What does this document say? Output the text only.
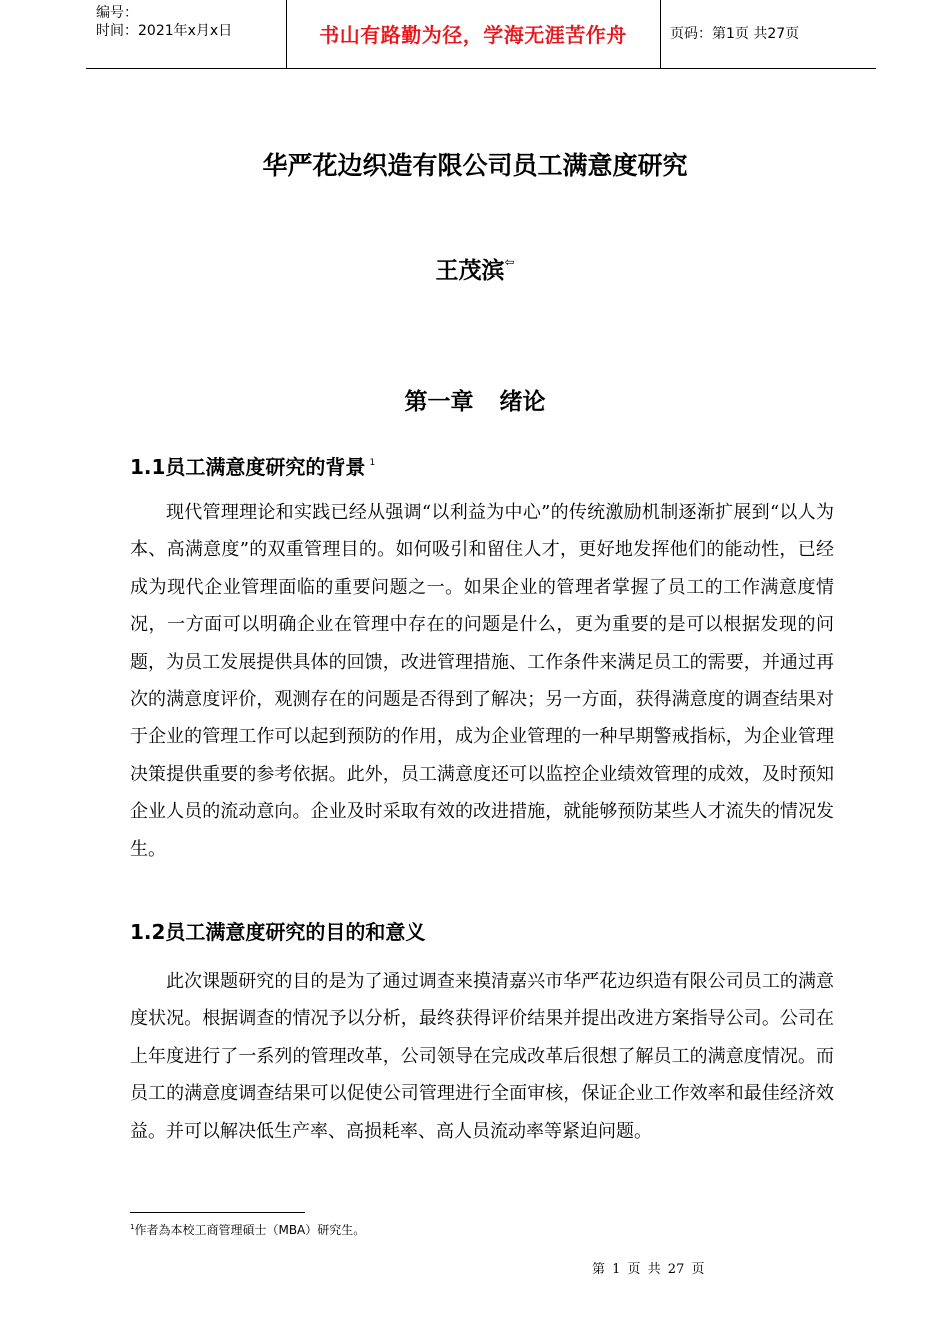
编号：
时间：2021年x月x日	书山有路勤为径，学海无涯苦作舟	页码：第1页 共27页
华严花边织造有限公司员工满意度研究
王茂滨⇦
第一章 绪论
1.1员工满意度研究的背景 $^1$
现代管理理论和实践已经从强调“以利益为中心”的传统激励机制逐渐扩展到“以人为本、高满意度”的双重管理目的。如何吸引和留住人才，更好地发挥他们的能动性，已经成为现代企业管理面临的重要问题之一。如果企业的管理者掌握了员工的工作满意度情况，一方面可以明确企业在管理中存在的问题是什么，更为重要的是可以根据发现的问题，为员工发展提供具体的回馈，改进管理措施、工作条件来满足员工的需要，并通过再次的满意度评价，观测存在的问题是否得到了解决；另一方面，获得满意度的调查结果对于企业的管理工作可以起到预防的作用，成为企业管理的一种早期警戒指标，为企业管理决策提供重要的参考依据。此外，员工满意度还可以监控企业绩效管理的成效，及时预知企业人员的流动意向。企业及时采取有效的改进措施，就能够预防某些人才流失的情况发生。
1.2员工满意度研究的目的和意义
此次课题研究的目的是为了通过调查来摸清嘉兴市华严花边织造有限公司员工的满意度状况。根据调查的情况予以分析，最终获得评价结果并提出改进方案指导公司。公司在上年度进行了一系列的管理改革，公司领导在完成改革后很想了解员工的满意度情况。而员工的满意度调查结果可以促使公司管理进行全面审核，保证企业工作效率和最佳经济效益。并可以解决低生产率、高损耗率、高人员流动率等紧迫问题。
$^1$作者為本校工商管理碩士（MBA）研究生。
第 1 页 共 27 页
